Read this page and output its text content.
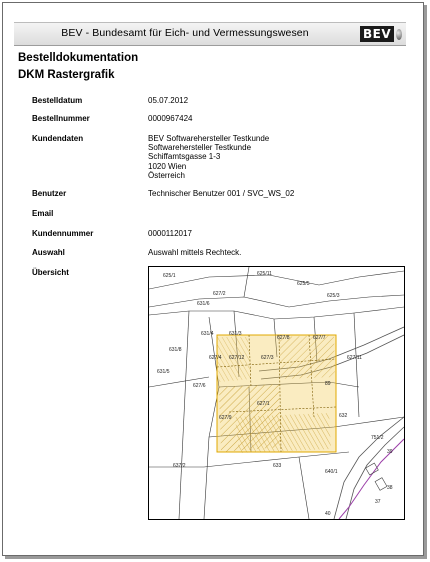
BEV - Bundesamt für Eich- und Vermessungswesen	BEV
Bestelldokumentation
DKM Rastergrafik
Bestelldatum	05.07.2012
Bestellnummer	0000967424
Kundendaten	BEV Softwarehersteller Testkunde
Softwarehersteller Testkunde
Schiffamtsgasse 1-3
1020 Wien
Österreich
Benutzer	Technischer Benutzer 001 / SVC_WS_02
Email
Kundennummer	0000112017
Auswahl	Auswahl mittels Rechteck.
Übersicht	625/1
627/2
625/11
625/5
625/3
631/6
631/4	631/3
627/8	627/7
631/8
627/4 627/12	627/3	627/11
631/5
627/6
627/1
89
627/9	632
633
751/2
39
637/2
640/1
38
37
40
